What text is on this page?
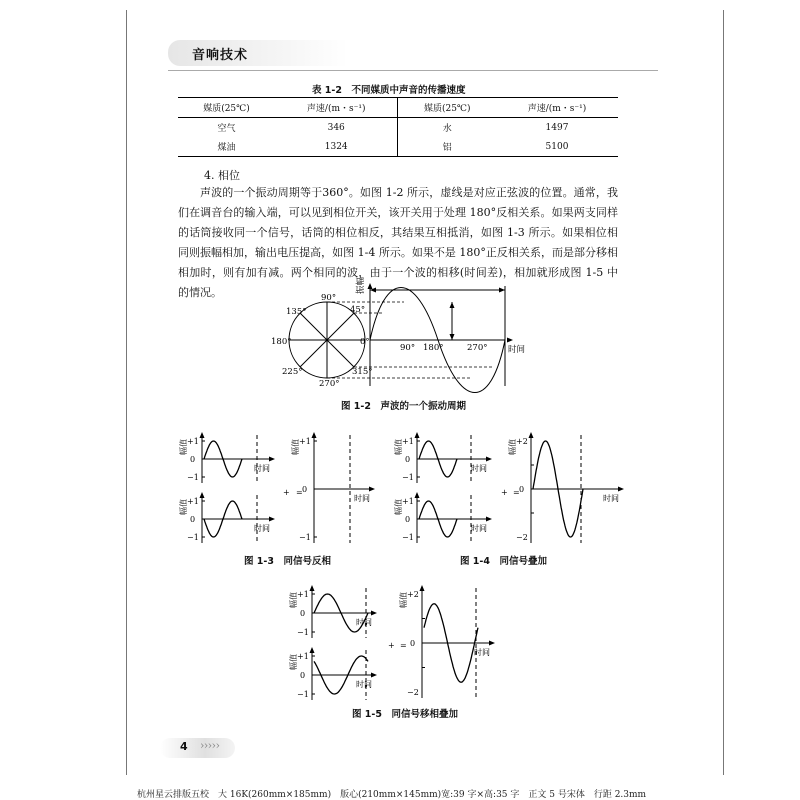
音响技术
表 1-2　不同媒质中声音的传播速度
媒质(25℃)	声速/(m・s⁻¹)	媒质(25℃)	声速/(m・s⁻¹)
空气	346	水	1497
煤油	1324	铝	5100
4. 相位
声波的一个振动周期等于360°。如图 1-2 所示，虚线是对应正弦波的位置。通常，我们在调音台的输入端，可以见到相位开关，该开关用于处理 180°反相关系。如果两支同样的话筒接收同一个信号，话筒的相位相反，其结果互相抵消，如图 1-3 所示。如果相位相同则振幅相加，输出电压提高，如图 1-4 所示。如果不是 180°正反相关系，而是部分移相相加时，则有加有减。两个相同的波，由于一个波的相移(时间差)，相加就形成图 1-5 中的情况。	90°
45°
135°
180°	0°
225°	315°
270°
90° 180°	270° 时间
振幅
图 1-2　声波的一个振动周期
+1
0
−1
幅值
时间
+1
0
−1
幅值
时间
+ =
+1
0
−1
幅值
时间
图 1-3　同信号反相
+1
0
−1
幅值
时间
+1
0
−1
幅值
时间
+ =
+2
0
−2
幅值
时间
图 1-4　同信号叠加
+1
0
−1
幅值
时间
+1
0
−1
幅值
时间
+ =
+2
0
−2
幅值
时间
图 1-5　同信号移相叠加
4 › › › › ›
杭州星云排版五校　大 16K(260mm×185mm)　版心(210mm×145mm)宽:39 字×高:35 字　正文 5 号宋体　行距 2.3mm
